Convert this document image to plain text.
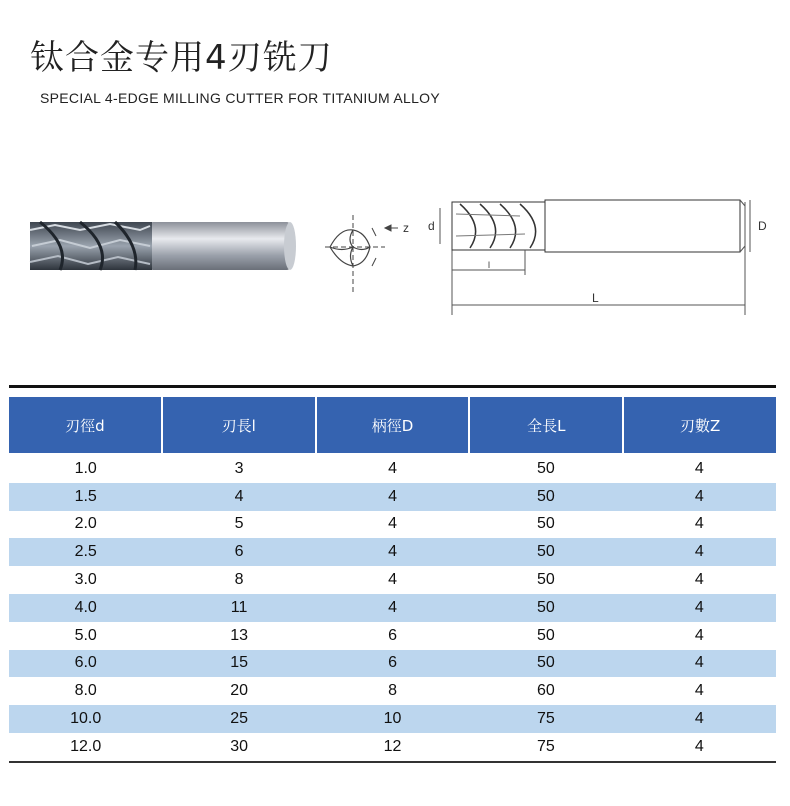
钛合金专用4刃铣刀
SPECIAL 4-EDGE MILLING CUTTER FOR TITANIUM ALLOY
z d	D
l
L
刃徑d	刃長l	柄徑D	全長L	刃數Z
1.0	3	4	50	4
1.5	4	4	50	4
2.0	5	4	50	4
2.5	6	4	50	4
3.0	8	4	50	4
4.0	11	4	50	4
5.0	13	6	50	4
6.0	15	6	50	4
8.0	20	8	60	4
10.0	25	10	75	4
12.0	30	12	75	4
